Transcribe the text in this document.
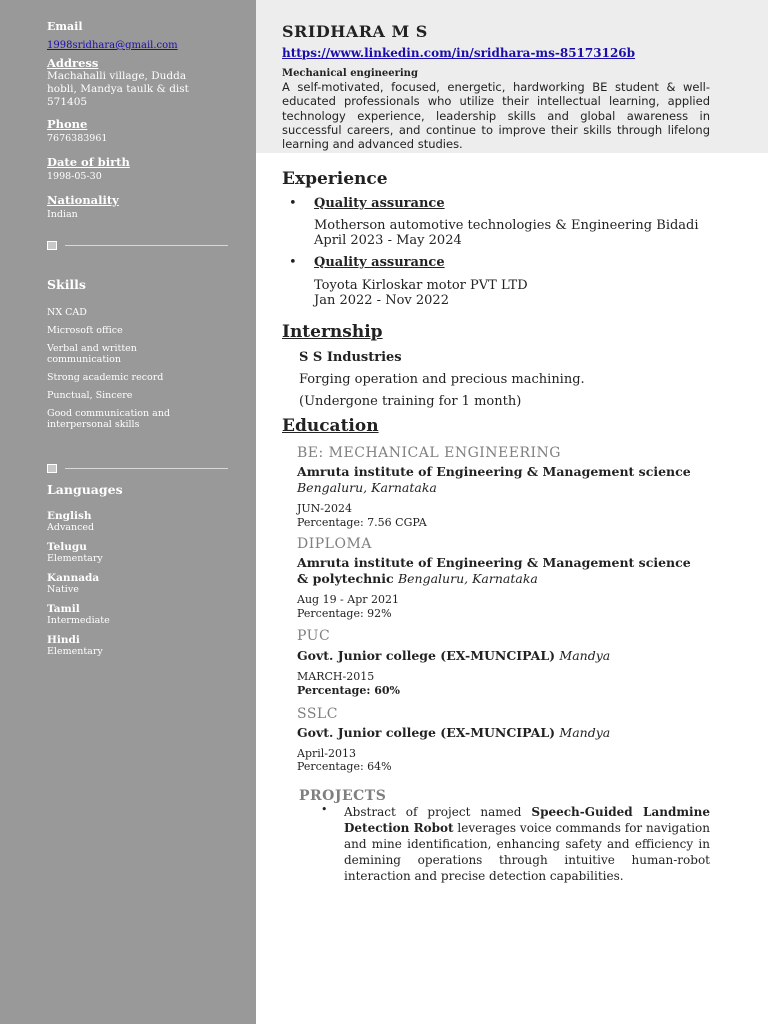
Email

1998sridhara@gmail.com

Address

Machahalli village, Dudda

hobli, Mandya taulk & dist

571405

Phone

7676383961

Date of birth

1998-05-30

Nationality

Indian

Skills

NX CAD

Microsoft office

Verbal and written
communication

Strong academic record

Punctual, Sincere

Good communication and
interpersonal skills

Languages

English

Advanced

Telugu

Elementary

Kannada

Native

Tamil

Intermediate

Hindi

Elementary

SRIDHARA M S
https://www.linkedin.com/in/sridhara-ms-85173126b
Mechanical engineering
A self-motivated, focused, energetic, hardworking BE student & well-educated professionals who utilize their intellectual learning, applied technology experience, leadership skills and global awareness in successful careers, and continue to improve their skills through lifelong learning and advanced studies.
Experience
• Quality assurance
Motherson automotive technologies & Engineering Bidadi
April 2023 - May 2024
• Quality assurance
Toyota Kirloskar motor PVT LTD
Jan 2022 - Nov 2022
Internship
S S Industries
Forging operation and precious machining.
(Undergone training for 1 month)
Education
BE: MECHANICAL ENGINEERING
Amruta institute of Engineering & Management science
Bengaluru, Karnataka
JUN-2024
Percentage: 7.56 CGPA
DIPLOMA
Amruta institute of Engineering & Management science
& polytechnic Bengaluru, Karnataka
Aug 19 - Apr 2021
Percentage: 92%
PUC
Govt. Junior college (EX-MUNCIPAL) Mandya
MARCH-2015
Percentage: 60%
SSLC
Govt. Junior college (EX-MUNCIPAL) Mandya
April-2013
Percentage: 64%
PROJECTS
• Abstract of project named Speech-Guided Landmine Detection Robot leverages voice commands for navigation and mine identification, enhancing safety and efficiency in demining operations through intuitive human-robot interaction and precise detection capabilities.
